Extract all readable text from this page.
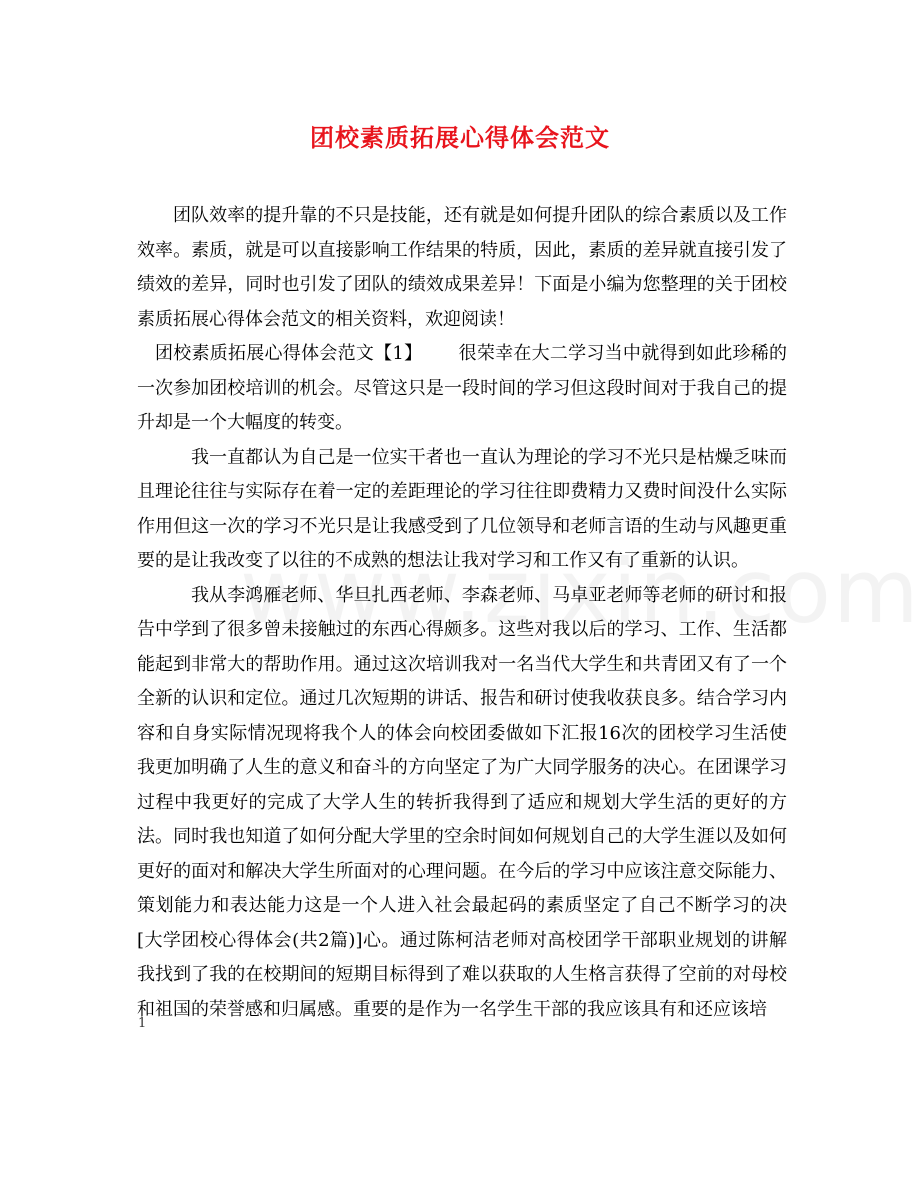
团校素质拓展心得体会范文

团队效率的提升靠的不只是技能，还有就是如何提升团队的综合素质以及工作效率。素质，就是可以直接影响工作结果的特质，因此，素质的差异就直接引发了绩效的差异，同时也引发了团队的绩效成果差异！下面是小编为您整理的关于团校素质拓展心得体会范文的相关资料，欢迎阅读！

团校素质拓展心得体会范文【1】 很荣幸在大二学习当中就得到如此珍稀的一次参加团校培训的机会。尽管这只是一段时间的学习但这段时间对于我自己的提升却是一个大幅度的转变。

我一直都认为自己是一位实干者也一直认为理论的学习不光只是枯燥乏味而且理论往往与实际存在着一定的差距理论的学习往往即费精力又费时间没什么实际作用但这一次的学习不光只是让我感受到了几位领导和老师言语的生动与风趣更重要的是让我改变了以往的不成熟的想法让我对学习和工作又有了重新的认识。

我从李鸿雁老师、华旦扎西老师、李森老师、马卓亚老师等老师的研讨和报告中学到了很多曾未接触过的东西心得颇多。这些对我以后的学习、工作、生活都能起到非常大的帮助作用。通过这次培训我对一名当代大学生和共青团又有了一个全新的认识和定位。通过几次短期的讲话、报告和研讨使我收获良多。结合学习内容和自身实际情况现将我个人的体会向校团委做如下汇报16次的团校学习生活使我更加明确了人生的意义和奋斗的方向坚定了为广大同学服务的决心。在团课学习过程中我更好的完成了大学人生的转折我得到了适应和规划大学生活的更好的方法。同时我也知道了如何分配大学里的空余时间如何规划自己的大学生涯以及如何更好的面对和解决大学生所面对的心理问题。在今后的学习中应该注意交际能力、策划能力和表达能力这是一个人进入社会最起码的素质坚定了自己不断学习的决[大学团校心得体会(共2篇)]心。通过陈柯洁老师对高校团学干部职业规划的讲解我找到了我的在校期间的短期目标得到了难以获取的人生格言获得了空前的对母校和祖国的荣誉感和归属感。重要的是作为一名学生干部的我应该具有和还应该培

1
